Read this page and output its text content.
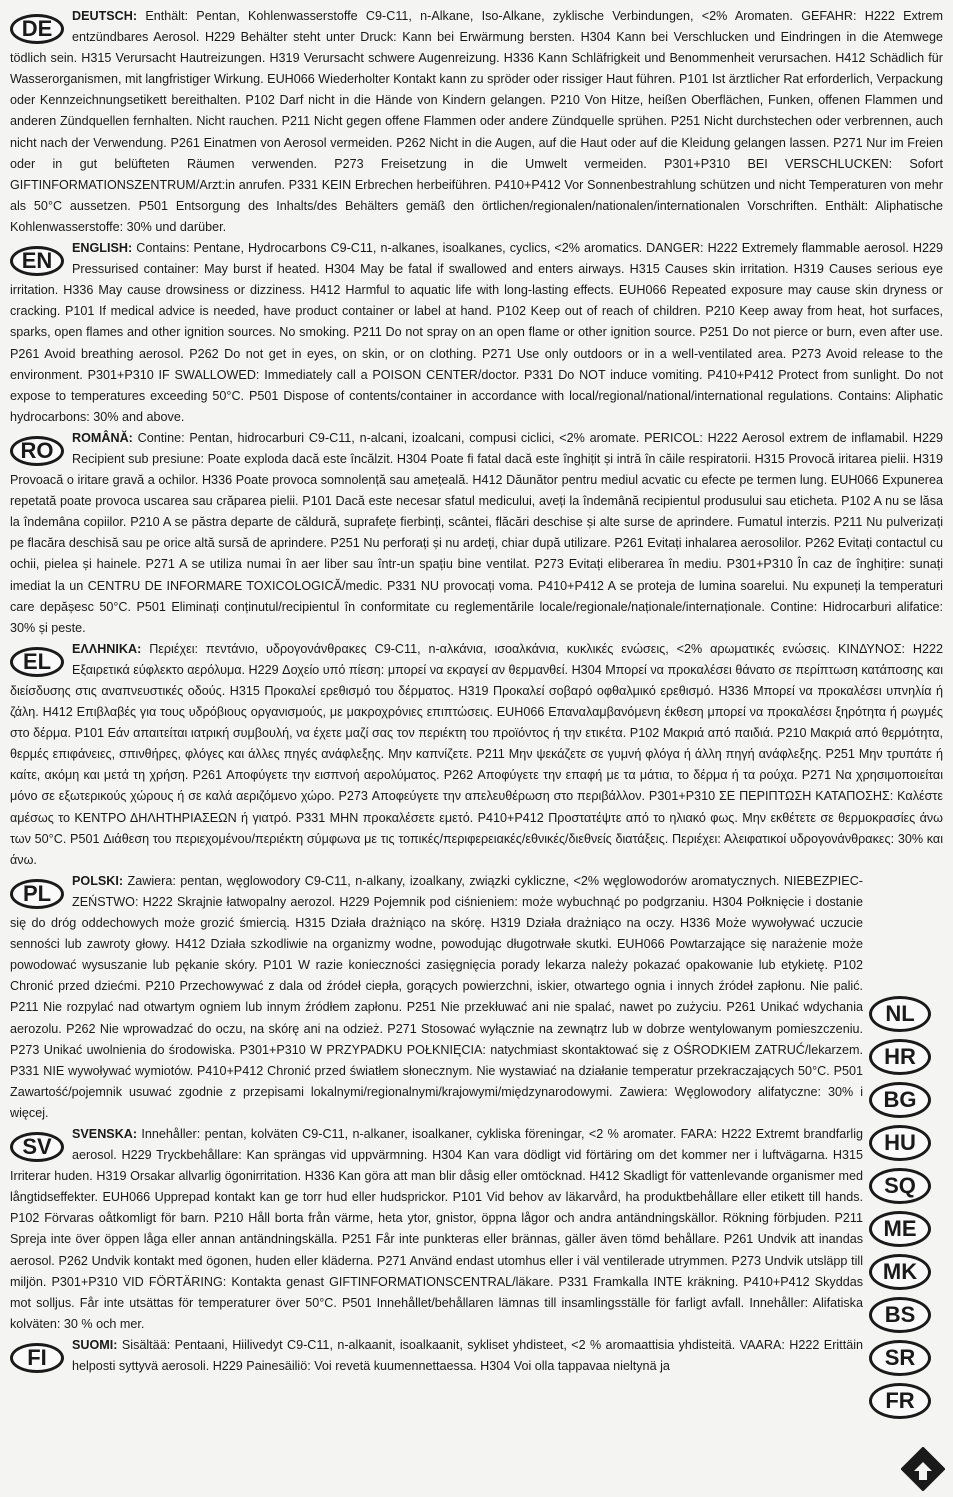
NL
HR
BG
HU
SQ
ME
MK
BS
SR
FR
DE
DEUTSCH: Enthält: Pentan, Kohlenwasserstoffe C9-C11, n-Alkane, Iso-Alkane, zyklische Verbindungen, <2% Aromaten. GEFAHR: H222 Extrem entzündbares Aerosol. H229 Behälter steht unter Druck: Kann bei Erwärmung bersten. H304 Kann bei Verschlucken und Eindringen in die Atemwege tödlich sein. H315 Verursacht Hautreizungen. H319 Verursacht schwere Augenreizung. H336 Kann Schläfrigkeit und Benommenheit verursachen. H412 Schädlich für Wasserorganismen, mit langfristiger Wirkung. EUH066 Wiederholter Kontakt kann zu spröder oder rissiger Haut führen. P101 Ist ärztlicher Rat erforderlich, Verpackung oder Kennzeichnungsetikett bereithalten. P102 Darf nicht in die Hände von Kindern gelangen. P210 Von Hitze, heißen Oberflächen, Funken, offenen Flammen und anderen Zündquellen fernhalten. Nicht rauchen. P211 Nicht gegen offene Flammen oder andere Zündquelle sprühen. P251 Nicht durchstechen oder verbrennen, auch nicht nach der Verwendung. P261 Einatmen von Aerosol vermeiden. P262 Nicht in die Augen, auf die Haut oder auf die Kleidung gelangen lassen. P271 Nur im Freien oder in gut belüfteten Räumen verwenden. P273 Freisetzung in die Umwelt vermeiden. P301+P310 BEI VERSCHLUCKEN: Sofort GIFTINFORMATIONSZENTRUM/Arzt:in anrufen. P331 KEIN Erbrechen herbeiführen. P410+P412 Vor Sonnenbestrahlung schützen und nicht Temperaturen von mehr als 50°C aussetzen. P501 Entsorgung des Inhalts/des Behälters gemäß den örtlichen/regionalen/nationalen/internationalen Vorschriften. Enthält: Aliphatische Kohlenwasserstoffe: 30% und darüber.
EN
ENGLISH: Contains: Pentane, Hydrocarbons C9-C11, n-alkanes, isoalkanes, cyclics, <2% aromatics. DANGER: H222 Extremely flammable aerosol. H229 Pressurised container: May burst if heated. H304 May be fatal if swallowed and enters airways. H315 Causes skin irritation. H319 Causes serious eye irritation. H336 May cause drowsiness or dizziness. H412 Harmful to aquatic life with long-lasting effects. EUH066 Repeated exposure may cause skin dryness or cracking. P101 If medical advice is needed, have product container or label at hand. P102 Keep out of reach of children. P210 Keep away from heat, hot surfaces, sparks, open flames and other ignition sources. No smoking. P211 Do not spray on an open flame or other ignition source. P251 Do not pierce or burn, even after use. P261 Avoid breathing aerosol. P262 Do not get in eyes, on skin, or on clothing. P271 Use only outdoors or in a well-ventilated area. P273 Avoid release to the environment. P301+P310 IF SWALLOWED: Immediately call a POISON CENTER/doctor. P331 Do NOT induce vomiting. P410+P412 Protect from sunlight. Do not expose to temperatures exceeding 50°C. P501 Dispose of contents/container in accordance with local/regional/national/international regulations. Contains: Aliphatic hydrocarbons: 30% and above.
RO
ROMÂNĂ: Contine: Pentan, hidrocarburi C9-C11, n-alcani, izoalcani, compusi ciclici, <2% aromate. PERICOL: H222 Aerosol extrem de inflamabil. H229 Recipient sub presiune: Poate exploda dacă este încălzit. H304 Poate fi fatal dacă este înghițit și intră în căile respiratorii. H315 Provocă iritarea pielii. H319 Provoacă o iritare gravă a ochilor. H336 Poate provoca somnolență sau amețeală. H412 Dăunător pentru mediul acvatic cu efecte pe termen lung. EUH066 Expunerea repetată poate provoca uscarea sau crăparea pielii. P101 Dacă este necesar sfatul medicului, aveți la îndemână recipientul produsului sau eticheta. P102 A nu se lăsa la îndemâna copiilor. P210 A se păstra departe de căldură, suprafețe fierbinți, scântei, flăcări deschise și alte surse de aprindere. Fumatul interzis. P211 Nu pulverizați pe flacăra deschisă sau pe orice altă sursă de aprindere. P251 Nu perforați și nu ardeți, chiar după utilizare. P261 Evitați inhalarea aerosolilor. P262 Evitați contactul cu ochii, pielea și hainele. P271 A se utiliza numai în aer liber sau într-un spațiu bine ventilat. P273 Evitați eliberarea în mediu. P301+P310 În caz de înghițire: sunați imediat la un CENTRU DE INFORMARE TOXICOLOGICĂ/medic. P331 NU provocați voma. P410+P412 A se proteja de lumina soarelui. Nu expuneți la temperaturi care depășesc 50°C. P501 Eliminați conținutul/recipientul în conformitate cu reglementările locale/regionale/naționale/internaționale. Contine: Hidrocarburi alifatice: 30% și peste.
EL
ΕΛΛΗΝΙΚΑ: Περιέχει: πεντάνιο, υδρογονάνθρακες C9-C11, n-αλκάνια, ισοαλκάνια, κυκλικές ενώσεις, <2% αρωματικές ενώσεις. ΚΙΝΔΥΝΟΣ: H222 Εξαιρετικά εύφλεκτο αερόλυμα. H229 Δοχείο υπό πίεση: μπορεί να εκραγεί αν θερμανθεί. H304 Μπορεί να προκαλέσει θάνατο σε περίπτωση κατάποσης και διείσδυσης στις αναπνευστικές οδούς. H315 Προκαλεί ερεθισμό του δέρματος. H319 Προκαλεί σοβαρό οφθαλμικό ερεθισμό. H336 Μπορεί να προκαλέσει υπνηλία ή ζάλη. H412 Επιβλαβές για τους υδρόβιους οργανισμούς, με μακροχρόνιες επιπτώσεις. EUH066 Επαναλαμβανόμενη έκθεση μπορεί να προκαλέσει ξηρότητα ή ρωγμές στο δέρμα. P101 Εάν απαιτείται ιατρική συμβουλή, να έχετε μαζί σας τον περιέκτη του προϊόντος ή την ετικέτα. P102 Μακριά από παιδιά. P210 Μακριά από θερμότητα, θερμές επιφάνειες, σπινθήρες, φλόγες και άλλες πηγές ανάφλεξης. Μην καπνίζετε. P211 Μην ψεκάζετε σε γυμνή φλόγα ή άλλη πηγή ανάφλεξης. P251 Μην τρυπάτε ή καίτε, ακόμη και μετά τη χρήση. P261 Αποφύγετε την εισπνοή αερολύματος. P262 Αποφύγετε την επαφή με τα μάτια, το δέρμα ή τα ρούχα. P271 Να χρησιμοποιείται μόνο σε εξωτερικούς χώρους ή σε καλά αεριζόμενο χώρο. P273 Αποφεύγετε την απελευθέρωση στο περιβάλλον. P301+P310 ΣΕ ΠΕΡΙΠΤΩΣΗ ΚΑΤΑΠΟΣΗΣ: Καλέστε αμέσως το ΚΕΝΤΡΟ ΔΗΛΗΤΗΡΙΑΣΕΩΝ ή γιατρό. P331 ΜΗΝ προκαλέσετε εμετό. P410+P412 Προστατέψτε από το ηλιακό φως. Μην εκθέτετε σε θερμοκρασίες άνω των 50°C. P501 Διάθεση του περιεχομένου/περιέκτη σύμφωνα με τις τοπικές/περιφερειακές/εθνικές/διεθνείς διατάξεις. Περιέχει: Αλειφατικοί υδρογονάνθρακες: 30% και άνω.
PL
POLSKI: Zawiera: pentan, węglowodory C9-C11, n-alkany, izoalkany, związki cykliczne, <2% węglowodorów aromatycznych. NIEBEZPIEC-ZEŃSTWO: H222 Skrajnie łatwopalny aerozol. H229 Pojemnik pod ciśnieniem: może wybuchnąć po podgrzaniu. H304 Połknięcie i dostanie się do dróg oddechowych może grozić śmiercią. H315 Działa drażniąco na skórę. H319 Działa drażniąco na oczy. H336 Może wywoływać uczucie senności lub zawroty głowy. H412 Działa szkodliwie na organizmy wodne, powodując długotrwałe skutki. EUH066 Powtarzające się narażenie może powodować wysuszanie lub pękanie skóry. P101 W razie konieczności zasięgnięcia porady lekarza należy pokazać opakowanie lub etykietę. P102 Chronić przed dziećmi. P210 Przechowywać z dala od źródeł ciepła, gorących powierzchni, iskier, otwartego ognia i innych źródeł zapłonu. Nie palić. P211 Nie rozpylać nad otwartym ogniem lub innym źródłem zapłonu. P251 Nie przekłuwać ani nie spalać, nawet po zużyciu. P261 Unikać wdychania aerozolu. P262 Nie wprowadzać do oczu, na skórę ani na odzież. P271 Stosować wyłącznie na zewnątrz lub w dobrze wentylowanym pomieszczeniu. P273 Unikać uwolnienia do środowiska. P301+P310 W PRZYPADKU POŁKNIĘCIA: natychmiast skontaktować się z OŚRODKIEM ZATRUĆ/lekarzem. P331 NIE wywoływać wymiotów. P410+P412 Chronić przed światłem słonecznym. Nie wystawiać na działanie temperatur przekraczających 50°C. P501 Zawartość/pojemnik usuwać zgodnie z przepisami lokalnymi/regionalnymi/krajowymi/międzynarodowymi. Zawiera: Węglowodory alifatyczne: 30% i więcej.
SV
SVENSKA: Innehåller: pentan, kolväten C9-C11, n-alkaner, isoalkaner, cykliska föreningar, <2 % aromater. FARA: H222 Extremt brandfarlig aerosol. H229 Tryckbehållare: Kan sprängas vid uppvärmning. H304 Kan vara dödligt vid förtäring om det kommer ner i luftvägarna. H315 Irriterar huden. H319 Orsakar allvarlig ögonirritation. H336 Kan göra att man blir dåsig eller omtöcknad. H412 Skadligt för vattenlevande organismer med långtidseffekter. EUH066 Upprepad kontakt kan ge torr hud eller hudsprickor. P101 Vid behov av läkarvård, ha produktbehållare eller etikett till hands. P102 Förvaras oåtkomligt för barn. P210 Håll borta från värme, heta ytor, gnistor, öppna lågor och andra antändningskällor. Rökning förbjuden. P211 Spreja inte över öppen låga eller annan antändningskälla. P251 Får inte punkteras eller brännas, gäller även tömd behållare. P261 Undvik att inandas aerosol. P262 Undvik kontakt med ögonen, huden eller kläderna. P271 Använd endast utomhus eller i väl ventilerade utrymmen. P273 Undvik utsläpp till miljön. P301+P310 VID FÖRTÄRING: Kontakta genast GIFTINFORMATIONSCENTRAL/läkare. P331 Framkalla INTE kräkning. P410+P412 Skyddas mot solljus. Får inte utsättas för temperaturer över 50°C. P501 Innehållet/behållaren lämnas till insamlingsställe för farligt avfall. Innehåller: Alifatiska kolväten: 30 % och mer.
FI
SUOMI: Sisältää: Pentaani, Hiilivedyt C9-C11, n-alkaanit, isoalkaanit, sykliset yhdisteet, <2 % aromaattisia yhdisteitä. VAARA: H222 Erittäin helposti syttyvä aerosoli. H229 Painesäiliö: Voi revetä kuumennettaessa. H304 Voi olla tappavaa nieltynä ja
